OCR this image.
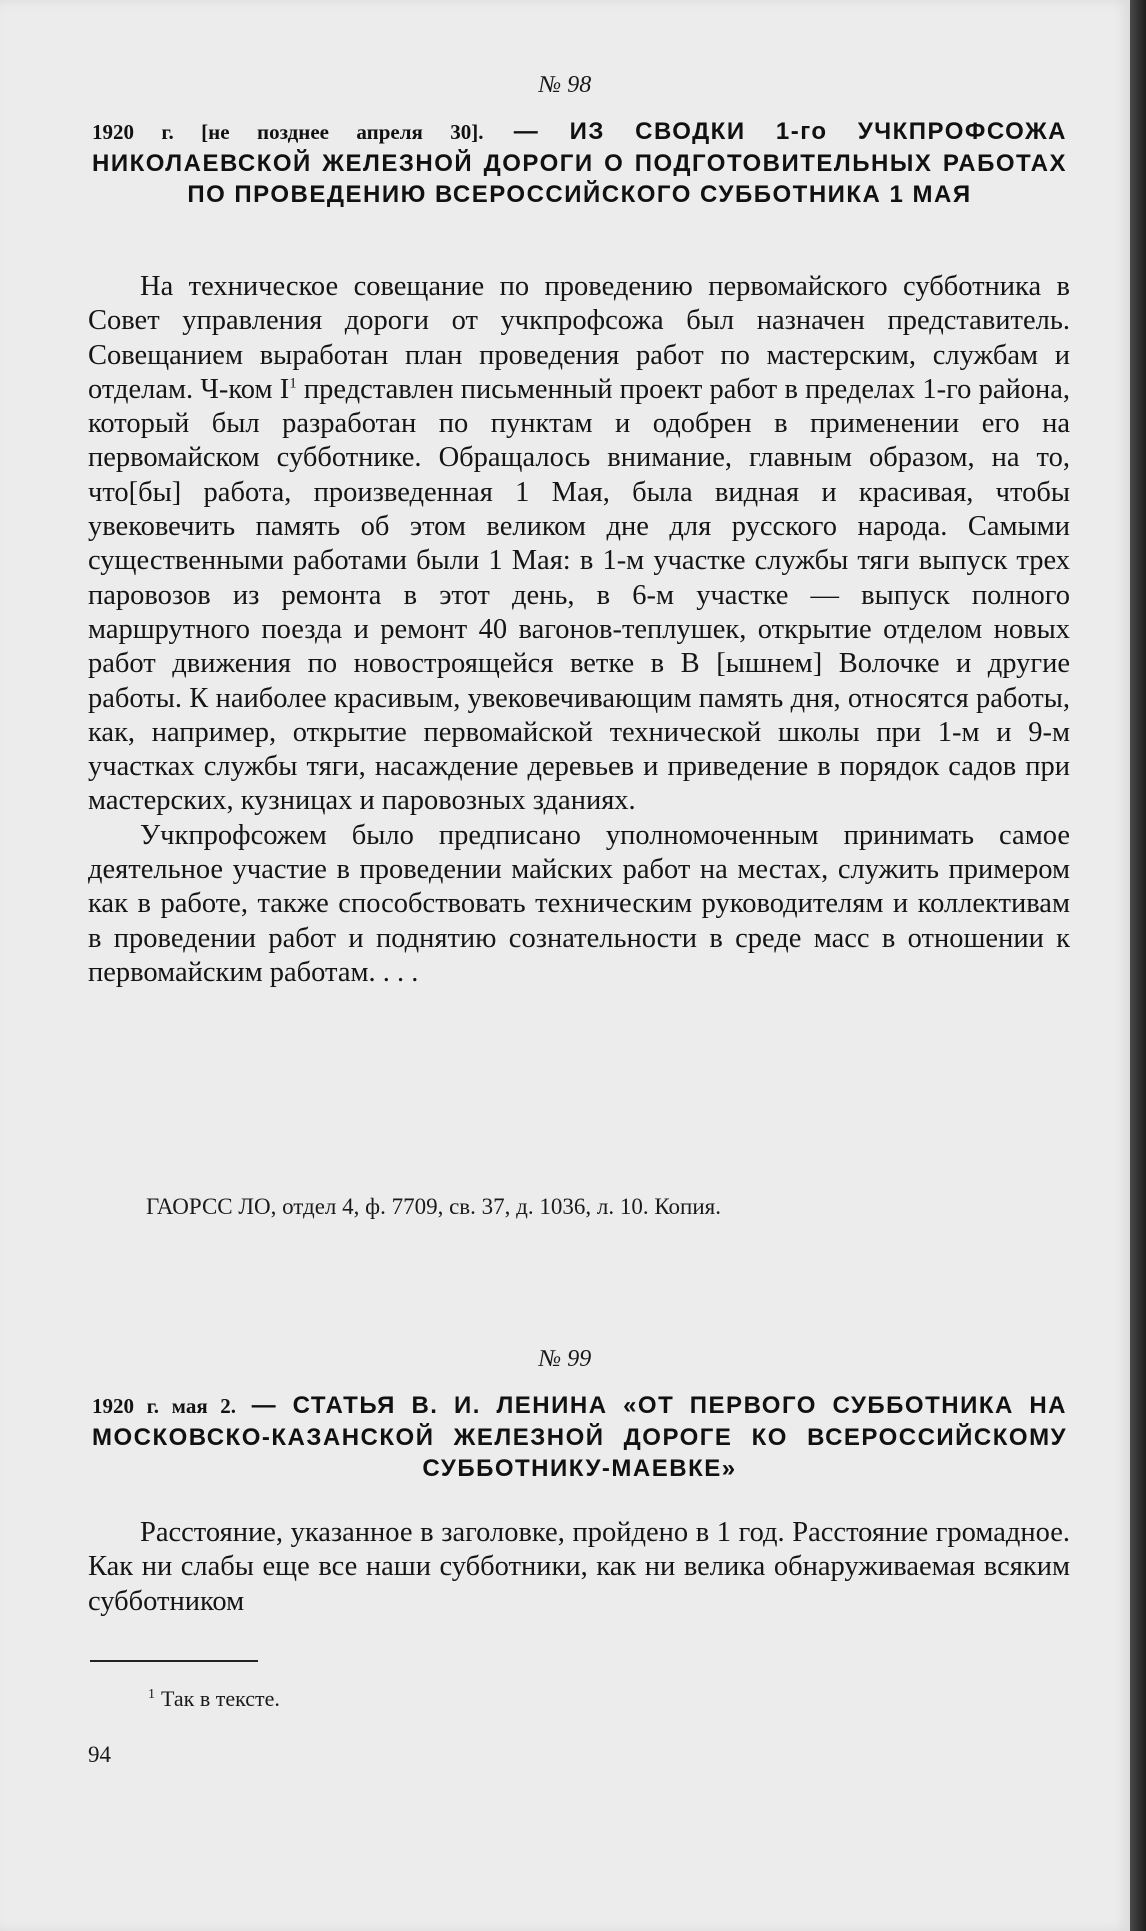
№ 98
1920 г. [не позднее апреля 30]. — ИЗ СВОДКИ 1-го УЧКПРОФСОЖА НИКОЛАЕВСКОЙ ЖЕЛЕЗНОЙ ДОРОГИ О ПОДГОТОВИТЕЛЬНЫХ РАБОТАХ ПО ПРОВЕДЕНИЮ ВСЕРОССИЙСКОГО СУББОТНИКА 1 МАЯ

На техническое совещание по проведению первомайского субботника в Совет управления дороги от учкпрофсожа был назначен представитель. Совещанием выработан план проведения работ по мастерским, службам и отделам. Ч-ком $I^1$ представлен письменный проект работ в пределах 1-го района, который был разработан по пунктам и одобрен в применении его на первомайском субботнике. Обращалось внимание, главным образом, на то, что[бы] работа, произведенная 1 Мая, была видная и красивая, чтобы увековечить память об этом великом дне для русского народа. Самыми существенными работами были 1 Мая: в 1-м участке службы тяги выпуск трех паровозов из ремонта в этот день, в 6-м участке — выпуск полного маршрутного поезда и ремонт 40 вагонов-теплушек, открытие отделом новых работ движения по новостроящейся ветке в В [ышнем] Волочке и другие работы. К наиболее красивым, увековечивающим память дня, относятся работы, как, например, открытие первомайской технической школы при 1-м и 9-м участках службы тяги, насаждение деревьев и приведение в порядок садов при мастерских, кузницах и паровозных зданиях.

Учкпрофсожем было предписано уполномоченным принимать самое деятельное участие в проведении майских работ на местах, служить примером как в работе, также способствовать техническим руководителям и коллективам в проведении работ и поднятию сознательности в среде масс в отношении к первомайским работам. . . .

ГАОРСС ЛО, отдел 4, ф. 7709, св. 37, д. 1036, л. 10. Копия.
№ 99
1920 г. мая 2. — СТАТЬЯ В. И. ЛЕНИНА «ОТ ПЕРВОГО СУББОТНИКА НА МОСКОВСКО-КАЗАНСКОЙ ЖЕЛЕЗНОЙ ДОРОГЕ КО ВСЕРОССИЙСКОМУ СУББОТНИКУ-МАЕВКЕ»

Расстояние, указанное в заголовке, пройдено в 1 год. Расстояние громадное. Как ни слабы еще все наши субботники, как ни велика обнаруживаемая всяким субботником

$^1$ Так в тексте.
94
